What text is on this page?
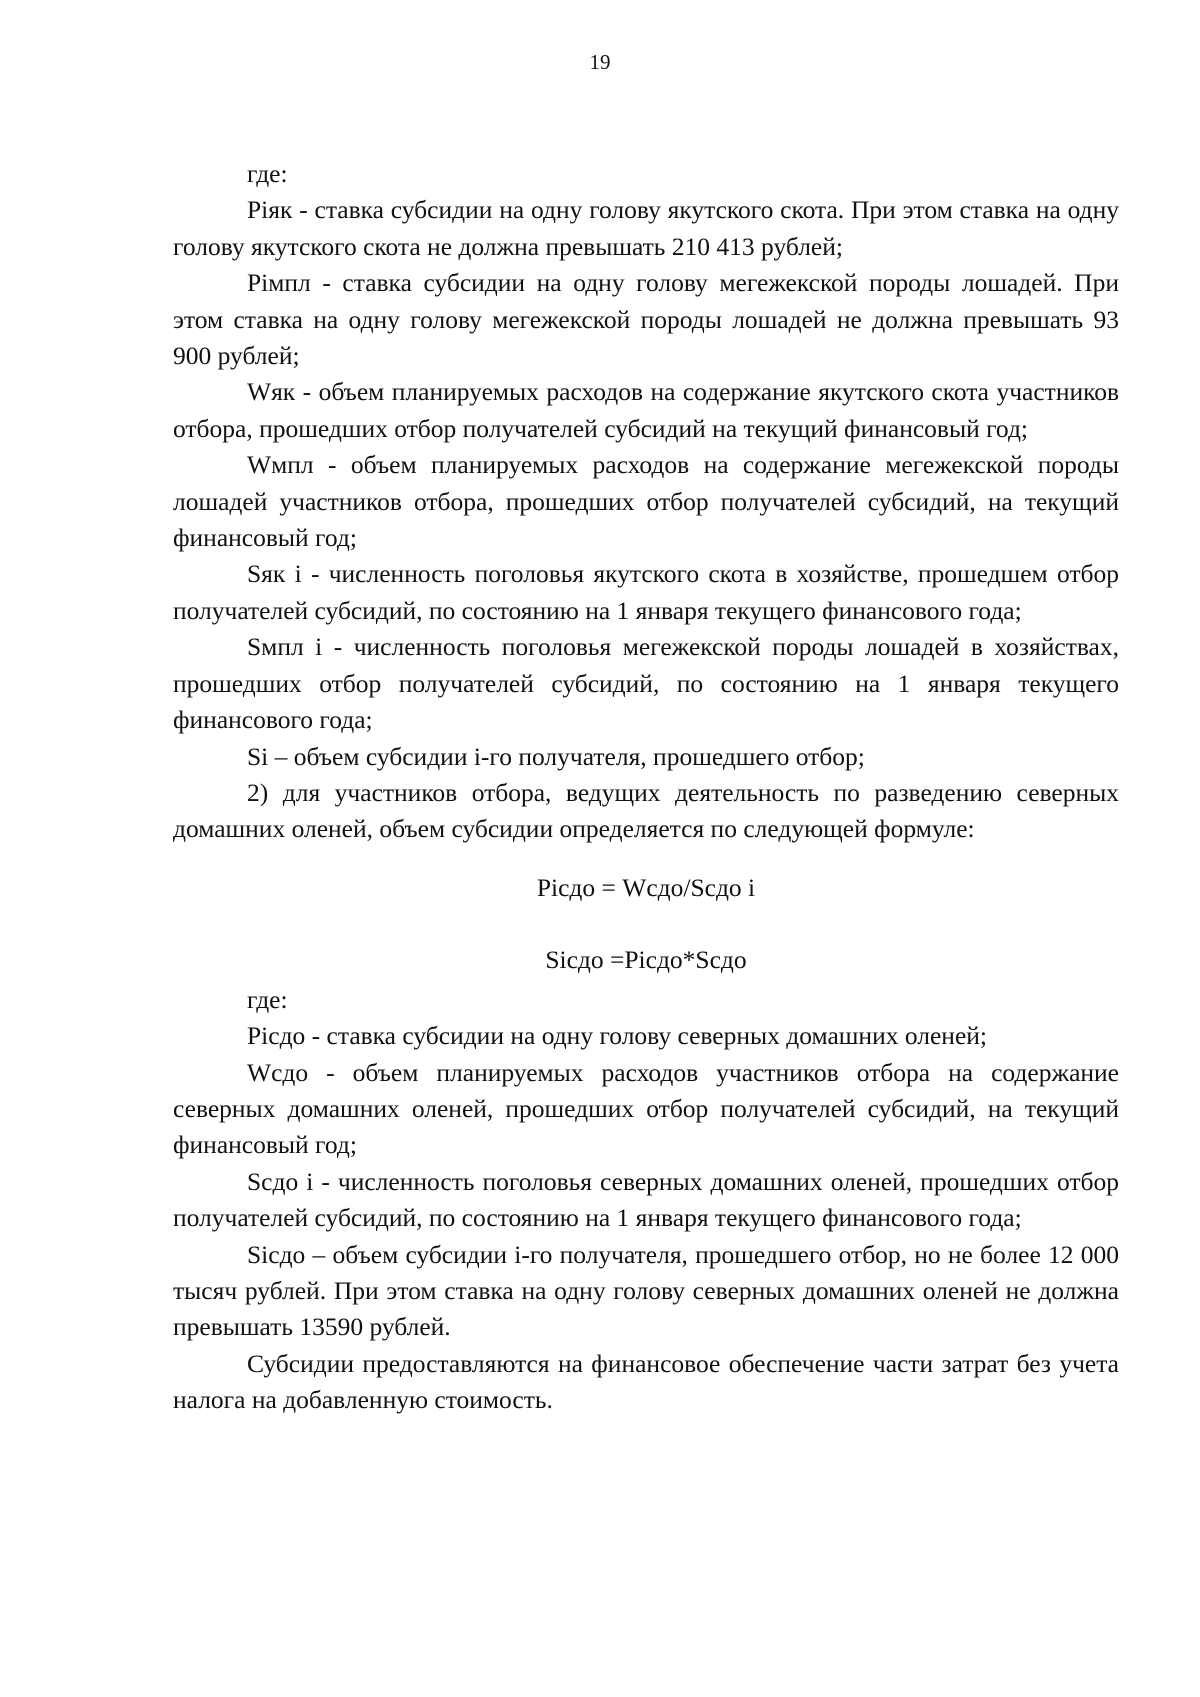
19

где:

Ріяк - ставка субсидии на одну голову якутского скота. При этом ставка на одну голову якутского скота не должна превышать 210 413 рублей;

Рімпл - ставка субсидии на одну голову мегежекской породы лошадей. При этом ставка на одну голову мегежекской породы лошадей не должна превышать 93 900 рублей;

Wяк - объем планируемых расходов на содержание якутского скота участников отбора, прошедших отбор получателей субсидий на текущий финансовый год;

Wмпл - объем планируемых расходов на содержание мегежекской породы лошадей участников отбора, прошедших отбор получателей субсидий, на текущий финансовый год;

Sяк і - численность поголовья якутского скота в хозяйстве, прошедшем отбор получателей субсидий, по состоянию на 1 января текущего финансового года;

Sмпл і - численность поголовья мегежекской породы лошадей в хозяйствах, прошедших отбор получателей субсидий, по состоянию на 1 января текущего финансового года;

Si – объем субсидии і-го получателя, прошедшего отбор;

2) для участников отбора, ведущих деятельность по разведению северных домашних оленей, объем субсидии определяется по следующей формуле:

Рісдо = Wсдо/Sсдо і

Sісдо =Рісдо*Sсдо

где:

Рісдо - ставка субсидии на одну голову северных домашних оленей;

Wсдо - объем планируемых расходов участников отбора на содержание северных домашних оленей, прошедших отбор получателей субсидий, на текущий финансовый год;

Sсдо і - численность поголовья северных домашних оленей, прошедших отбор получателей субсидий, по состоянию на 1 января текущего финансового года;

Sісдо – объем субсидии і-го получателя, прошедшего отбор, но не более 12 000 тысяч рублей. При этом ставка на одну голову северных домашних оленей не должна превышать 13590 рублей.

Субсидии предоставляются на финансовое обеспечение части затрат без учета налога на добавленную стоимость.
